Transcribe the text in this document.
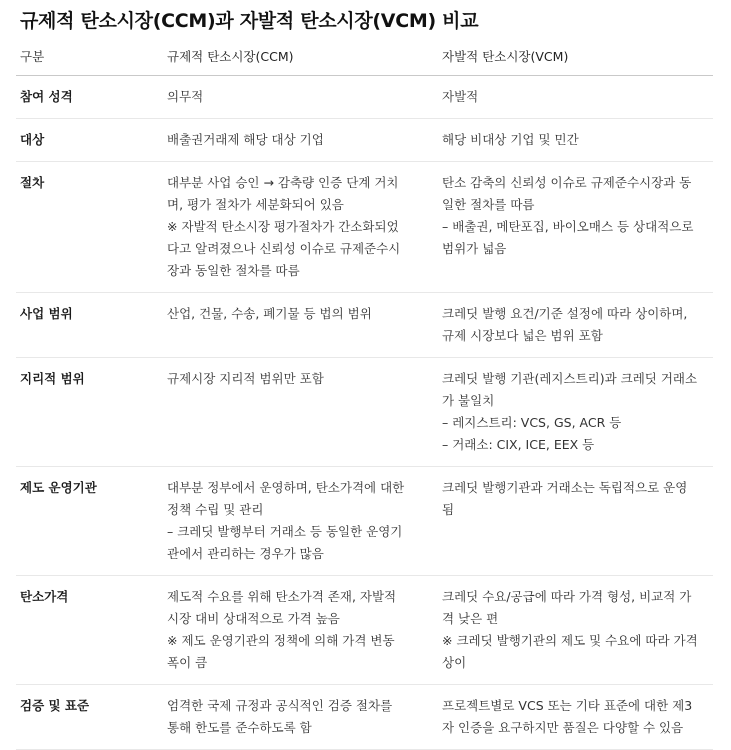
규제적 탄소시장(CCM)과 자발적 탄소시장(VCM) 비교
구분	규제적 탄소시장(CCM)	자발적 탄소시장(VCM)
참여 성격	의무적	자발적

대상	배출권거래제 해당 대상 기업	해당 비대상 기업 및 민간

절차	대부분 사업 승인 → 감축량 인증 단계 거치
며, 평가 절차가 세분화되어 있음
※ 자발적 탄소시장 평가절차가 간소화되었
다고 알려졌으나 신뢰성 이슈로 규제준수시
장과 동일한 절차를 따름	탄소 감축의 신뢰성 이슈로 규제준수시장과 동
일한 절차를 따름
– 배출권, 메탄포집, 바이오매스 등 상대적으로
범위가 넓음

사업 범위	산업, 건물, 수송, 폐기물 등 법의 범위	크레딧 발행 요건/기준 설정에 따라 상이하며,
규제 시장보다 넓은 범위 포함

지리적 범위	규제시장 지리적 범위만 포함	크레딧 발행 기관(레지스트리)과 크레딧 거래소
가 불일치
– 레지스트리: VCS, GS, ACR 등
– 거래소: CIX, ICE, EEX 등

제도 운영기관	대부분 정부에서 운영하며, 탄소가격에 대한
정책 수립 및 관리
– 크레딧 발행부터 거래소 등 동일한 운영기
관에서 관리하는 경우가 많음	크레딧 발행기관과 거래소는 독립적으로 운영
됨

탄소가격	제도적 수요를 위해 탄소가격 존재, 자발적
시장 대비 상대적으로 가격 높음
※ 제도 운영기관의 정책에 의해 가격 변동
폭이 큼	크레딧 수요/공급에 따라 가격 형성, 비교적 가
격 낮은 편
※ 크레딧 발행기관의 제도 및 수요에 따라 가격
상이

검증 및 표준	엄격한 국제 규정과 공식적인 검증 절차를
통해 한도를 준수하도록 함	프로젝트별로 VCS 또는 기타 표준에 대한 제3
자 인증을 요구하지만 품질은 다양할 수 있음
